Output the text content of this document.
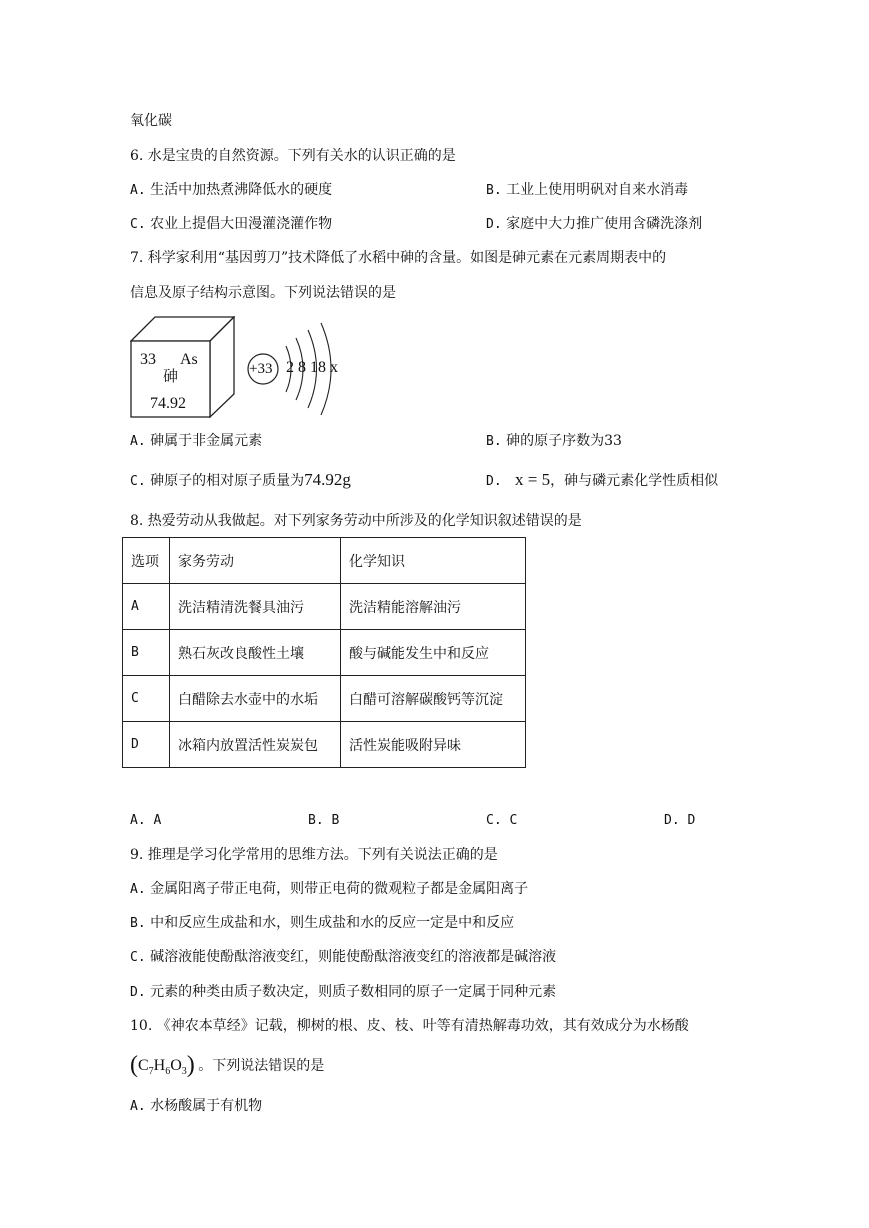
氧化碳
6. 水是宝贵的自然资源。下列有关水的认识正确的是
A. 生活中加热煮沸降低水的硬度	B. 工业上使用明矾对自来水消毒
C. 农业上提倡大田漫灌浇灌作物	D. 家庭中大力推广使用含磷洗涤剂
7. 科学家利用“基因剪刀”技术降低了水稻中砷的含量。如图是砷元素在元素周期表中的
信息及原子结构示意图。下列说法错误的是
33 As
砷
74.92
+33 2 8 18 x
A. 砷属于非金属元素	B. 砷的原子序数为33
C. 砷原子的相对原子质量为74.92g	D. x = 5，砷与磷元素化学性质相似
8. 热爱劳动从我做起。对下列家务劳动中所涉及的化学知识叙述错误的是
选项	家务劳动	化学知识
A	洗洁精清洗餐具油污	洗洁精能溶解油污
B	熟石灰改良酸性土壤	酸与碱能发生中和反应
C	白醋除去水壶中的水垢	白醋可溶解碳酸钙等沉淀
D	冰箱内放置活性炭炭包	活性炭能吸附异味
A. A	B. B	C. C	D. D
9. 推理是学习化学常用的思维方法。下列有关说法正确的是
A. 金属阳离子带正电荷，则带正电荷的微观粒子都是金属阳离子
B. 中和反应生成盐和水，则生成盐和水的反应一定是中和反应
C. 碱溶液能使酚酞溶液变红，则能使酚酞溶液变红的溶液都是碱溶液
D. 元素的种类由质子数决定，则质子数相同的原子一定属于同种元素
10. 《神农本草经》记载，柳树的根、皮、枝、叶等有清热解毒功效，其有效成分为水杨酸
$(C_7H_6O_3)$ 。下列说法错误的是
A. 水杨酸属于有机物
